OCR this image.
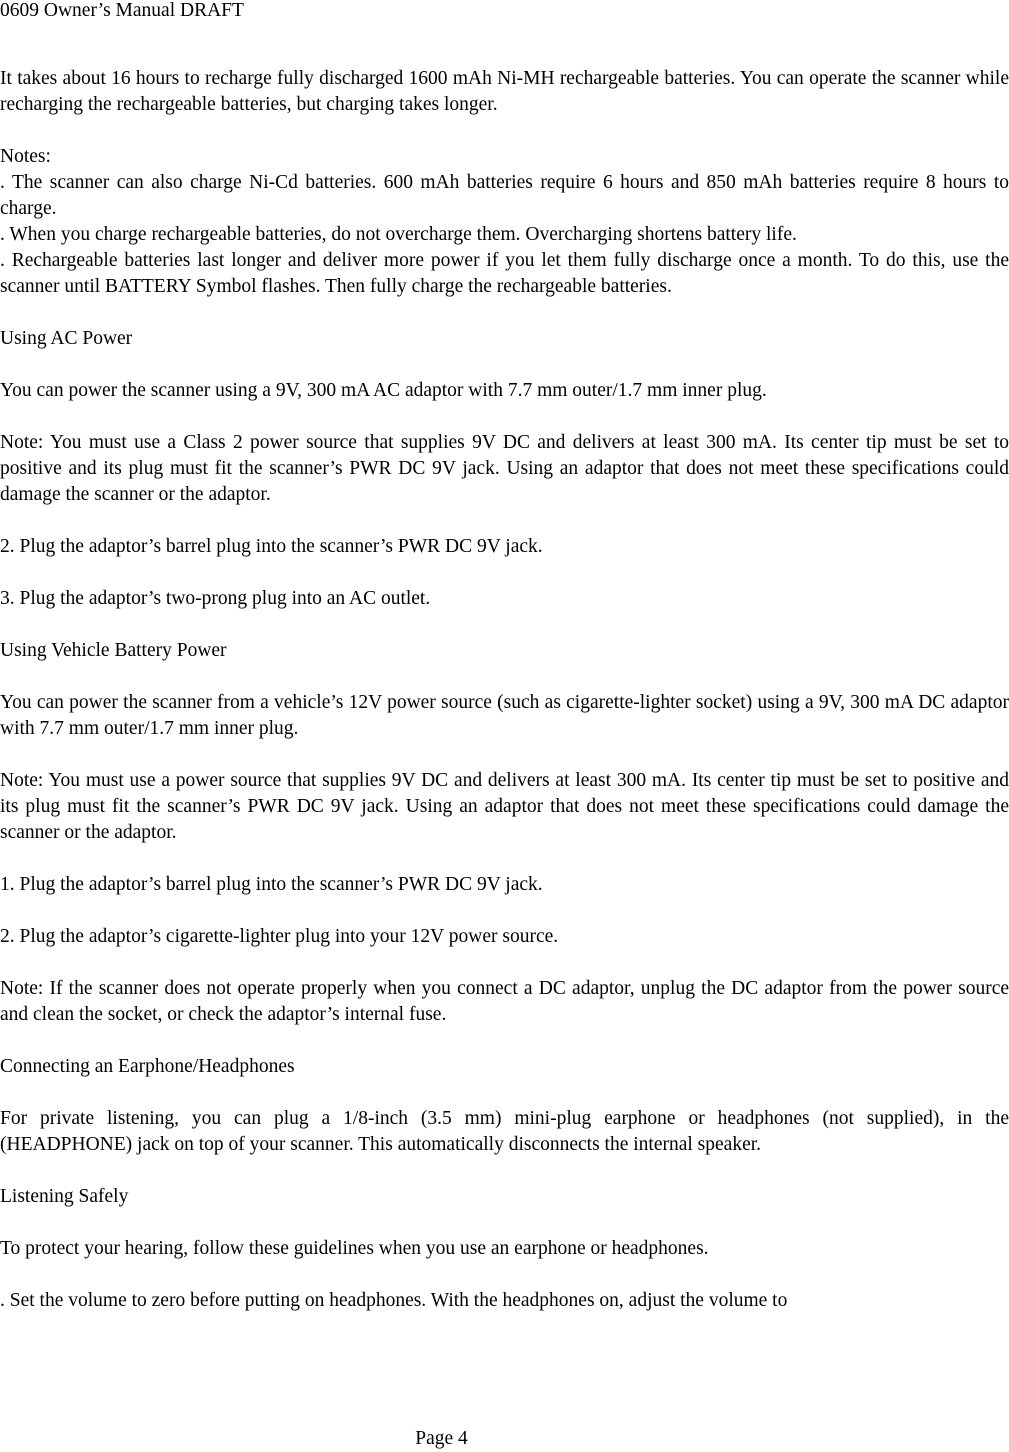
0609 Owner’s Manual DRAFT

It takes about 16 hours to recharge fully discharged 1600 mAh Ni-MH rechargeable batteries. You can operate the scanner while recharging the rechargeable batteries, but charging takes longer.

Notes:
. The scanner can also charge Ni-Cd batteries. 600 mAh batteries require 6 hours and 850 mAh batteries require 8 hours to charge.
. When you charge rechargeable batteries, do not overcharge them. Overcharging shortens battery life.
. Rechargeable batteries last longer and deliver more power if you let them fully discharge once a month. To do this, use the scanner until BATTERY Symbol flashes. Then fully charge the rechargeable batteries.
Using AC Power

You can power the scanner using a 9V, 300 mA AC adaptor with 7.7 mm outer/1.7 mm inner plug.

Note: You must use a Class 2 power source that supplies 9V DC and delivers at least 300 mA. Its center tip must be set to positive and its plug must fit the scanner’s PWR DC 9V jack. Using an adaptor that does not meet these specifications could damage the scanner or the adaptor.

2. Plug the adaptor’s barrel plug into the scanner’s PWR DC 9V jack.

3. Plug the adaptor’s two-prong plug into an AC outlet.

Using Vehicle Battery Power

You can power the scanner from a vehicle’s 12V power source (such as cigarette-lighter socket) using a 9V, 300 mA DC adaptor with 7.7 mm outer/1.7 mm inner plug.

Note: You must use a power source that supplies 9V DC and delivers at least 300 mA. Its center tip must be set to positive and its plug must fit the scanner’s PWR DC 9V jack. Using an adaptor that does not meet these specifications could damage the scanner or the adaptor.

1. Plug the adaptor’s barrel plug into the scanner’s PWR DC 9V jack.

2. Plug the adaptor’s cigarette-lighter plug into your 12V power source.

Note: If the scanner does not operate properly when you connect a DC adaptor, unplug the DC adaptor from the power source and clean the socket, or check the adaptor’s internal fuse.

Connecting an Earphone/Headphones

For private listening, you can plug a 1/8-inch (3.5 mm) mini-plug earphone or headphones (not supplied), in the (HEADPHONE) jack on top of your scanner. This automatically disconnects the internal speaker.

Listening Safely

To protect your hearing, follow these guidelines when you use an earphone or headphones.

. Set the volume to zero before putting on headphones. With the headphones on, adjust the volume to

Page 4
